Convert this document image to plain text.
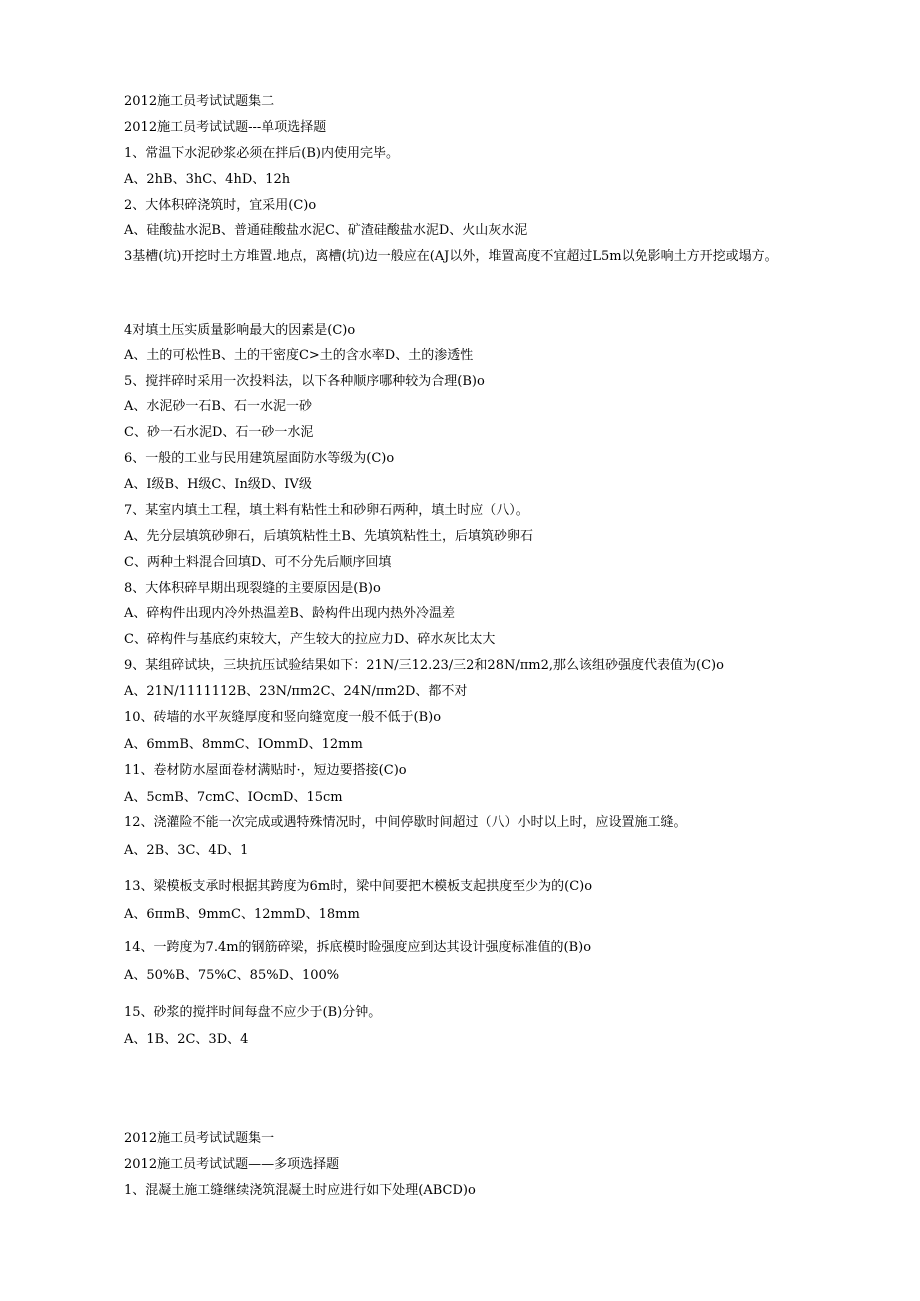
2012施工员考试试题集二
2012施工员考试试题---单项选择题
1、常温下水泥砂浆必须在拌后(B)内使用完毕。
A、2hB、3hC、4hD、12h
2、大体积碎浇筑时，宜采用(C)o
A、硅酸盐水泥B、普通硅酸盐水泥C、矿渣硅酸盐水泥D、火山灰水泥
3基槽(坑)开挖时土方堆置.地点，离槽(坑)边一般应在(AJ以外，堆置高度不宜超过L5m以免影响土方开挖或塌方。
4对填土压实质量影响最大的因素是(C)o
A、土的可松性B、土的干密度C>土的含水率D、土的渗透性
5、搅拌碎时采用一次投料法，以下各种顺序哪种较为合理(B)o
A、水泥砂一石B、石一水泥一砂
C、砂一石水泥D、石一砂一水泥
6、一般的工业与民用建筑屋面防水等级为(C)o
A、I级B、H级C、In级D、IV级
7、某室内填土工程，填土料有粘性土和砂卵石两种，填土时应（八）。
A、先分层填筑砂卵石，后填筑粘性土B、先填筑粘性土，后填筑砂卵石
C、两种土料混合回填D、可不分先后顺序回填
8、大体积碎早期出现裂缝的主要原因是(B)o
A、碎构件出现内冷外热温差B、龄构件出现内热外冷温差
C、碎构件与基底约束较大，产生较大的拉应力D、碎水灰比太大
9、某组碎试块，三块抗压试验结果如下：21N/三12.23/三2和28N/πm2,那么该组砂强度代表值为(C)o
A、21N/1111112B、23N/πm2C、24N/πm2D、都不对
10、砖墙的水平灰缝厚度和竖向缝宽度一般不低于(B)o
A、6mmB、8mmC、IOmmD、12mm
11、卷材防水屋面卷材满贴时·，短边要搭接(C)o
A、5cmB、7cmC、IOcmD、15cm
12、浇灌险不能一次完成或遇特殊情况时，中间停歇时间超过（八）小时以上时，应设置施工缝。
A、2B、3C、4D、1
13、梁模板支承时根据其跨度为6m时，梁中间要把木模板支起拱度至少为的(C)o
A、6πmB、9mmC、12mmD、18mm
14、一跨度为7.4m的钢筋碎梁，拆底模时睑强度应到达其设计强度标准值的(B)o
A、50%B、75%C、85%D、100%
15、砂浆的搅拌时间每盘不应少于(B)分钟。
A、1B、2C、3D、4
2012施工员考试试题集一
2012施工员考试试题——多项选择题
1、混凝土施工缝继续浇筑混凝土时应进行如下处理(ABCD)o
